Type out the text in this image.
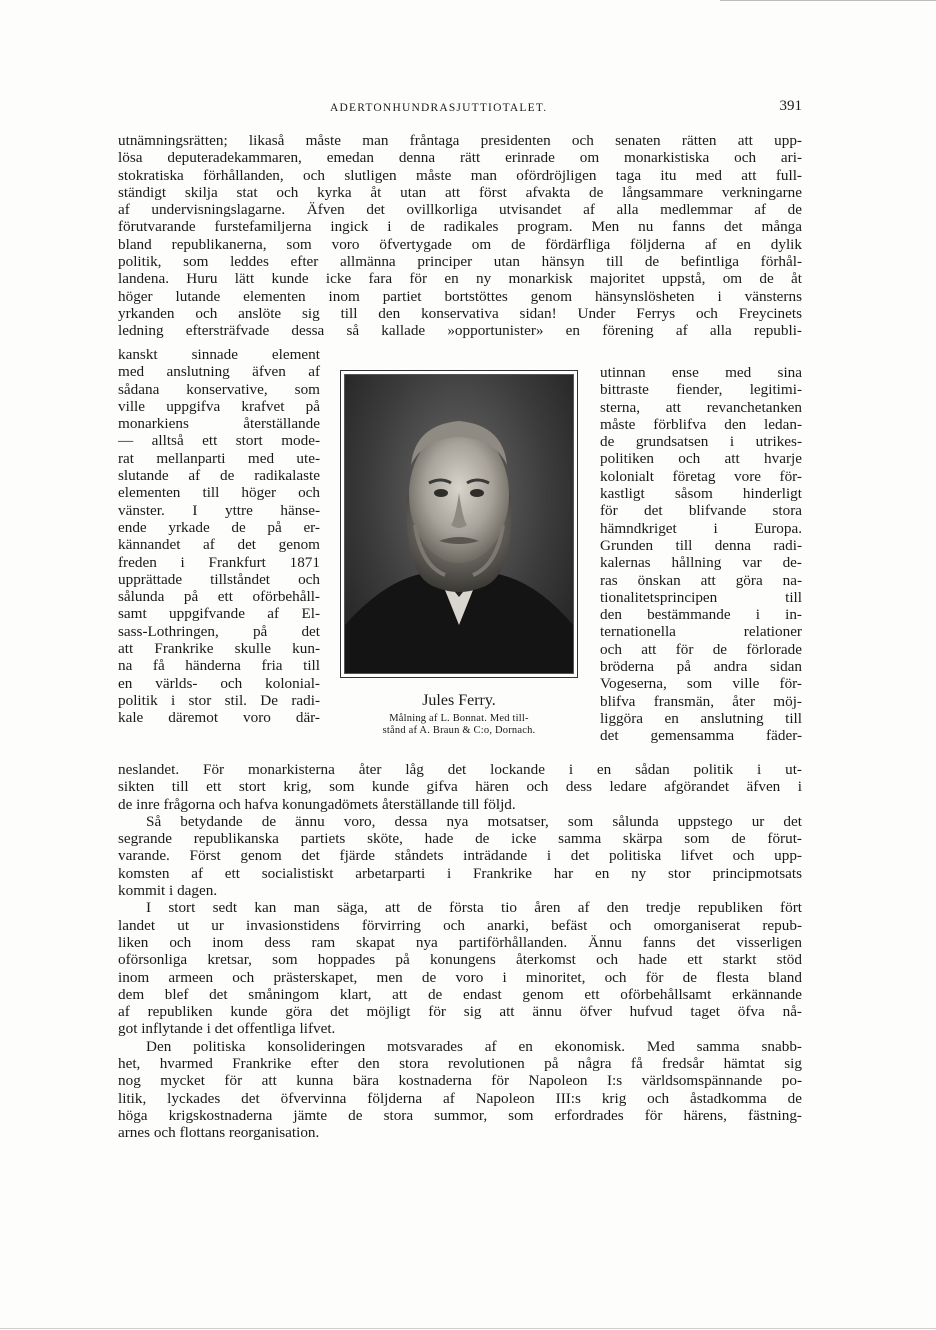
ADERTONHUNDRASJUTTIOTALET.	391

utnämningsrätten; likaså måste man fråntaga presidenten och senaten rätten att upp-

lösa deputeradekammaren, emedan denna rätt erinrade om monarkistiska och ari-

stokratiska förhållanden, och slutligen måste man ofördröjligen taga itu med att full-

ständigt skilja stat och kyrka åt utan att först afvakta de långsammare verkningarne

af undervisningslagarne. Äfven det ovillkorliga utvisandet af alla medlemmar af de

förutvarande furstefamiljerna ingick i de radikales program. Men nu fanns det många

bland republikanerna, som voro öfvertygade om de fördärfliga följderna af en dylik

politik, som leddes efter allmänna principer utan hänsyn till de befintliga förhål-

landena. Huru lätt kunde icke fara för en ny monarkisk majoritet uppstå, om de åt

höger lutande elementen inom partiet bortstöttes genom hänsynslösheten i vänsterns

yrkanden och anslöte sig till den konservativa sidan! Under Ferrys och Freycinets

ledning eftersträfvade dessa så kallade »opportunister» en förening af alla republi-

kanskt sinnade element

med anslutning äfven af

sådana konservative, som

ville uppgifva krafvet på

monarkiens återställande

— alltså ett stort mode-

rat mellanparti med ute-

slutande af de radikalaste

elementen till höger och

vänster. I yttre hänse-

ende yrkade de på er-

kännandet af det genom

freden i Frankfurt 1871

upprättade tillståndet och

sålunda på ett oförbehåll-

samt uppgifvande af El-

sass-Lothringen, på det

att Frankrike skulle kun-

na få händerna fria till

en världs- och kolonial-

politik i stor stil. De radi-

kale däremot voro där-

Jules Ferry.
Målning af L. Bonnat. Med till-
stånd af A. Braun & C:o, Dornach.

utinnan ense med sina

bittraste fiender, legitimi-

sterna, att revanchetanken

måste förblifva den ledan-

de grundsatsen i utrikes-

politiken och att hvarje

kolonialt företag vore för-

kastligt såsom hinderligt

för det blifvande stora

hämndkriget i Europa.

Grunden till denna radi-

kalernas hållning var de-

ras önskan att göra na-

tionalitetsprincipen till

den bestämmande i in-

ternationella relationer

och att för de förlorade

bröderna på andra sidan

Vogeserna, som ville för-

blifva fransmän, åter möj-

liggöra en anslutning till

det gemensamma fäder-

neslandet. För monarkisterna åter låg det lockande i en sådan politik i ut-

sikten till ett stort krig, som kunde gifva hären och dess ledare afgörandet äfven i

de inre frågorna och hafva konungadömets återställande till följd.

Så betydande de ännu voro, dessa nya motsatser, som sålunda uppstego ur det

segrande republikanska partiets sköte, hade de icke samma skärpa som de förut-

varande. Först genom det fjärde ståndets inträdande i det politiska lifvet och upp-

komsten af ett socialistiskt arbetarparti i Frankrike har en ny stor principmotsats

kommit i dagen.

I stort sedt kan man säga, att de första tio åren af den tredje republiken fört

landet ut ur invasionstidens förvirring och anarki, befäst och omorganiserat repub-

liken och inom dess ram skapat nya partiförhållanden. Ännu fanns det visserligen

oförsonliga kretsar, som hoppades på konungens återkomst och hade ett starkt stöd

inom armeen och prästerskapet, men de voro i minoritet, och för de flesta bland

dem blef det småningom klart, att de endast genom ett oförbehållsamt erkännande

af republiken kunde göra det möjligt för sig att ännu öfver hufvud taget öfva nå-

got inflytande i det offentliga lifvet.

Den politiska konsolideringen motsvarades af en ekonomisk. Med samma snabb-

het, hvarmed Frankrike efter den stora revolutionen på några få fredsår hämtat sig

nog mycket för att kunna bära kostnaderna för Napoleon I:s världsomspännande po-

litik, lyckades det öfvervinna följderna af Napoleon III:s krig och åstadkomma de

höga krigskostnaderna jämte de stora summor, som erfordrades för härens, fästning-

arnes och flottans reorganisation.
